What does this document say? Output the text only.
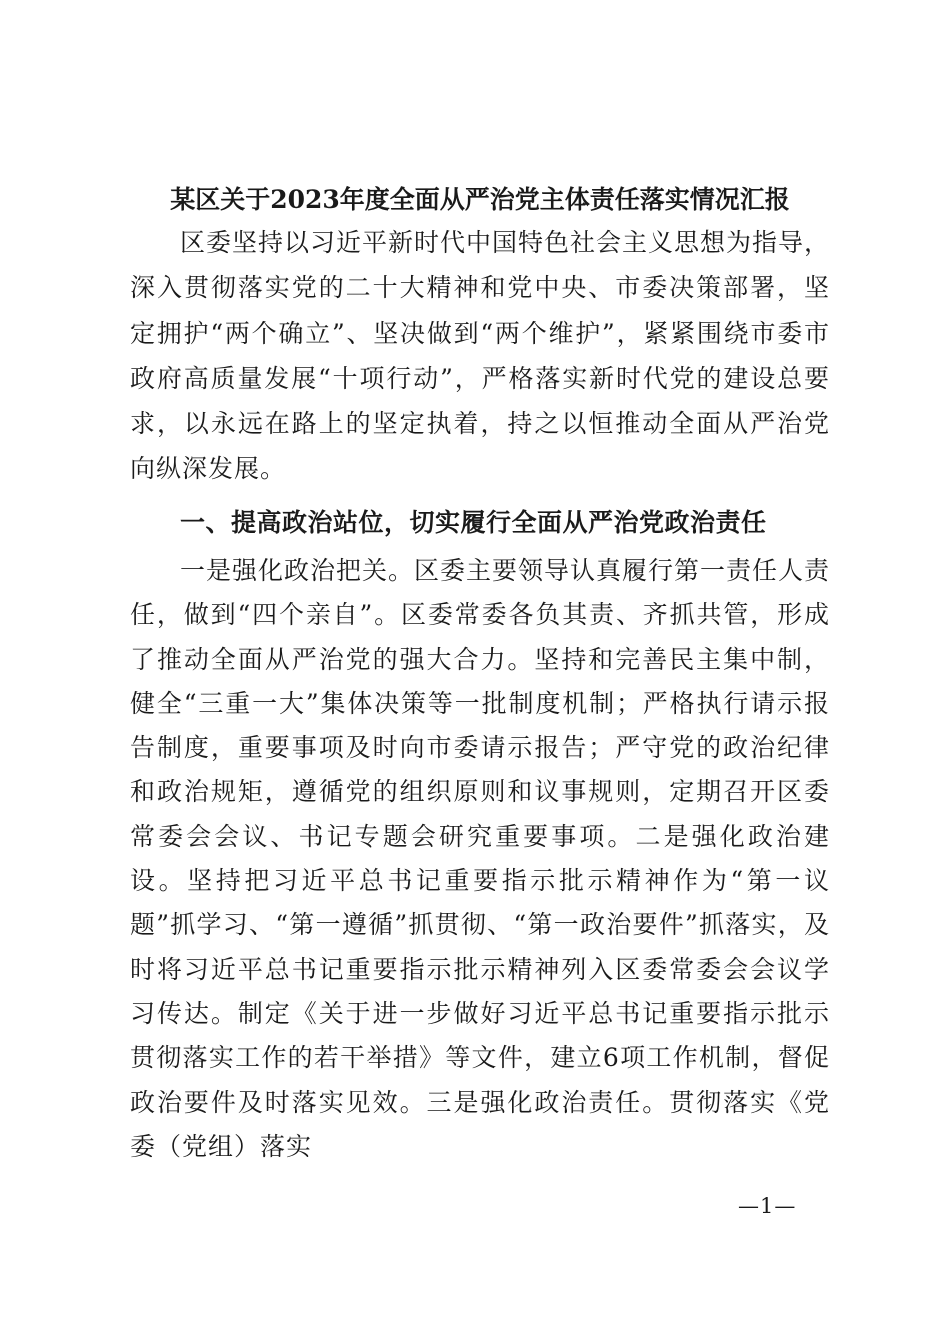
某区关于2023年度全面从严治党主体责任落实情况汇报

区委坚持以习近平新时代中国特色社会主义思想为指导，深入贯彻落实党的二十大精神和党中央、市委决策部署，坚定拥护“两个确立”、坚决做到“两个维护”，紧紧围绕市委市政府高质量发展“十项行动”，严格落实新时代党的建设总要求，以永远在路上的坚定执着，持之以恒推动全面从严治党向纵深发展。

一、提高政治站位，切实履行全面从严治党政治责任

一是强化政治把关。区委主要领导认真履行第一责任人责任，做到“四个亲自”。区委常委各负其责、齐抓共管，形成了推动全面从严治党的强大合力。坚持和完善民主集中制，健全“三重一大”集体决策等一批制度机制；严格执行请示报告制度，重要事项及时向市委请示报告；严守党的政治纪律和政治规矩，遵循党的组织原则和议事规则，定期召开区委常委会会议、书记专题会研究重要事项。二是强化政治建设。坚持把习近平总书记重要指示批示精神作为“第一议题”抓学习、“第一遵循”抓贯彻、“第一政治要件”抓落实，及时将习近平总书记重要指示批示精神列入区委常委会会议学习传达。制定《关于进一步做好习近平总书记重要指示批示贯彻落实工作的若干举措》等文件，建立6项工作机制，督促政治要件及时落实见效。三是强化政治责任。贯彻落实《党委（党组）落实

—1—
